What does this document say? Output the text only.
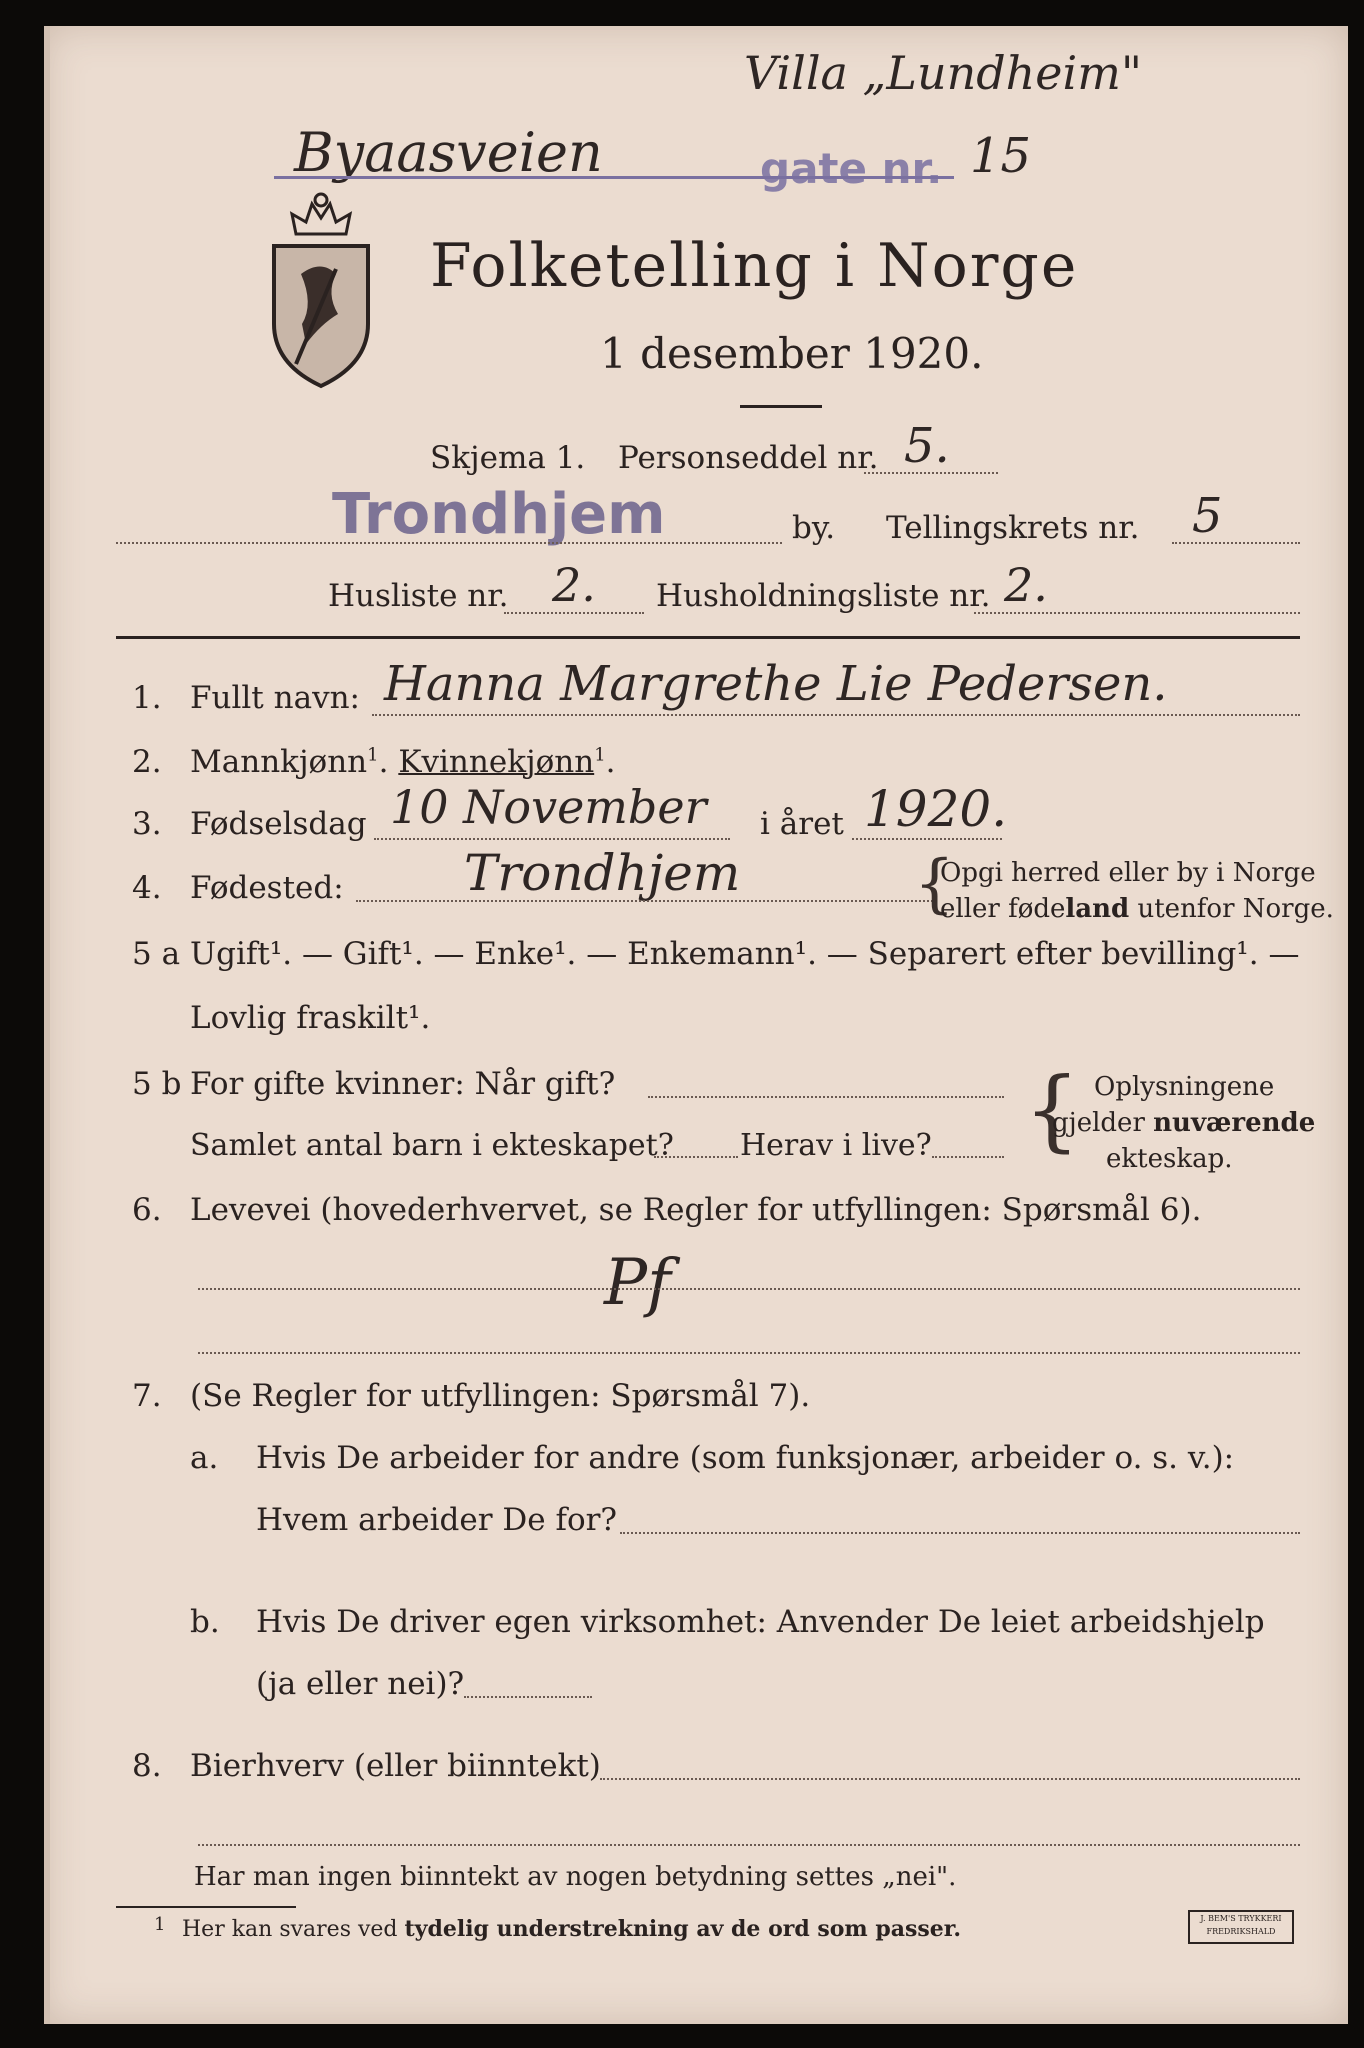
Villa „Lundheim"
Byaasveien	gate nr. 15
Folketelling i Norge
1 desember 1920.
Skjema 1. Personseddel nr. 5.
Trondhjem	by. Tellingskrets nr. 5
Husliste nr. 2. Husholdningsliste nr. 2.
1. Fullt navn: Hanna Margrethe Lie Pedersen.
2. Mannkjønn$^1$. Kvinnekjønn$^1$.
3. Fødselsdag 10 November i året 1920.
4. Fødested: Trondhjem	{
Opgi herred eller by i Norge
eller fødeland utenfor Norge.
5 a Ugift¹. — Gift¹. — Enke¹. — Enkemann¹. — Separert efter bevilling¹. —
Lovlig fraskilt¹.
5 b For gifte kvinner: Når gift?
Samlet antal barn i ekteskapet? Herav i live? { Oplysningene
gjelder nuværende
ekteskap.
6. Levevei (hovederhvervet, se Regler for utfyllingen: Spørsmål 6).
Pf
7. (Se Regler for utfyllingen: Spørsmål 7).
a. Hvis De arbeider for andre (som funksjonær, arbeider o. s. v.):
Hvem arbeider De for?
b. Hvis De driver egen virksomhet: Anvender De leiet arbeidshjelp
(ja eller nei)?
8. Bierhverv (eller biinntekt)
Har man ingen biinntekt av nogen betydning settes „nei".
1 Her kan svares ved tydelig understrekning av de ord som passer.	J. BEM'S TRYKKERI FREDRIKSHALD
